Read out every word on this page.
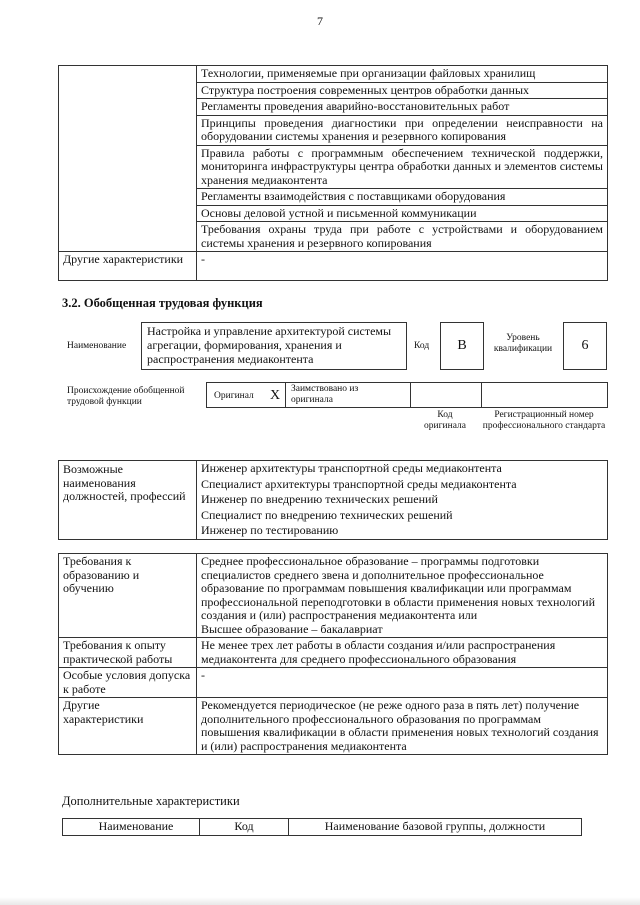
7
	Технологии, применяемые при организации файловых хранилищ
	Структура построения современных центров обработки данных
	Регламенты проведения аварийно-восстановительных работ
	Принципы проведения диагностики при определении неисправности на оборудовании системы хранения и резервного копирования
	Правила работы с программным обеспечением технической поддержки, мониторинга инфраструктуры центра обработки данных и элементов системы хранения медиаконтента
	Регламенты взаимодействия с поставщиками оборудования
	Основы деловой устной и письменной коммуникации
	Требования охраны труда при работе с устройствами и оборудованием системы хранения и резервного копирования
Другие характеристики	-
3.2. Обобщенная трудовая функция
Наименование
Настройка и управление архитектурой системы агрегации, формирования, хранения и распространения медиаконтента
Код	B	Уровень квалификации	6
Происхождение обобщенной трудовой функции
Оригинал X Заимствовано из оригинала
Код оригинала
Регистрационный номер профессионального стандарта
Возможные наименования должностей, профессий	Инженер архитектуры транспортной среды медиаконтента
Специалист архитектуры транспортной среды медиаконтента
Инженер по внедрению технических решений
Специалист по внедрению технических решений
Инженер по тестированию
Требования к образованию и обучению	Среднее профессиональное образование – программы подготовки специалистов среднего звена и дополнительное профессиональное образование по программам повышения квалификации или программам профессиональной переподготовки в области применения новых технологий создания и (или) распространения медиаконтента или
Высшее образование – бакалавриат
Требования к опыту практической работы	Не менее трех лет работы в области создания и/или распространения медиаконтента для среднего профессионального образования
Особые условия допуска к работе	-
Другие характеристики	Рекомендуется периодическое (не реже одного раза в пять лет) получение дополнительного профессионального образования по программам повышения квалификации в области применения новых технологий создания и (или) распространения медиаконтента
Дополнительные характеристики
Наименование	Код	Наименование базовой группы, должности
